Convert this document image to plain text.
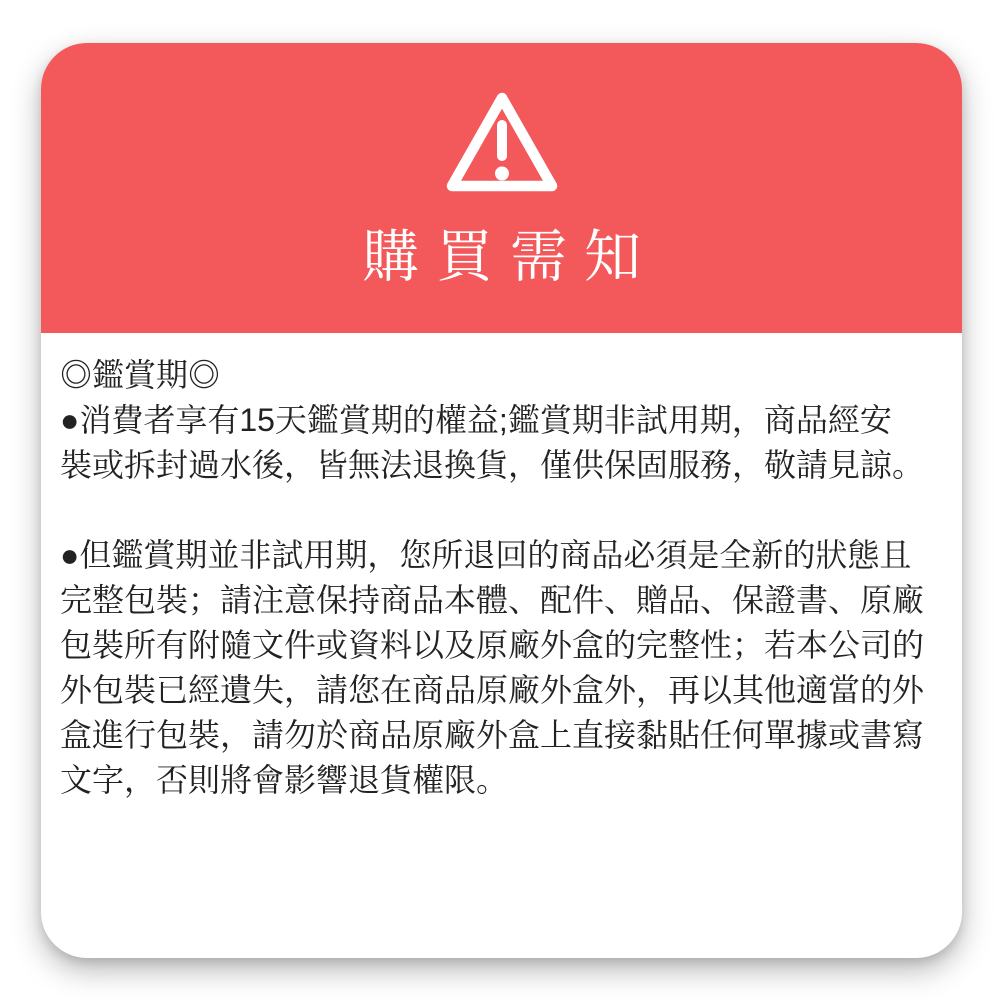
購買需知
◎鑑賞期◎
●消費者享有15天鑑賞期的權益;鑑賞期非試用期，商品經安
裝或拆封過水後，皆無法退換貨，僅供保固服務，敬請見諒。
●但鑑賞期並非試用期，您所退回的商品必須是全新的狀態且
完整包裝；請注意保持商品本體、配件、贈品、保證書、原廠
包裝所有附隨文件或資料以及原廠外盒的完整性；若本公司的
外包裝已經遺失，請您在商品原廠外盒外，再以其他適當的外
盒進行包裝，請勿於商品原廠外盒上直接黏貼任何單據或書寫
文字，否則將會影響退貨權限。
